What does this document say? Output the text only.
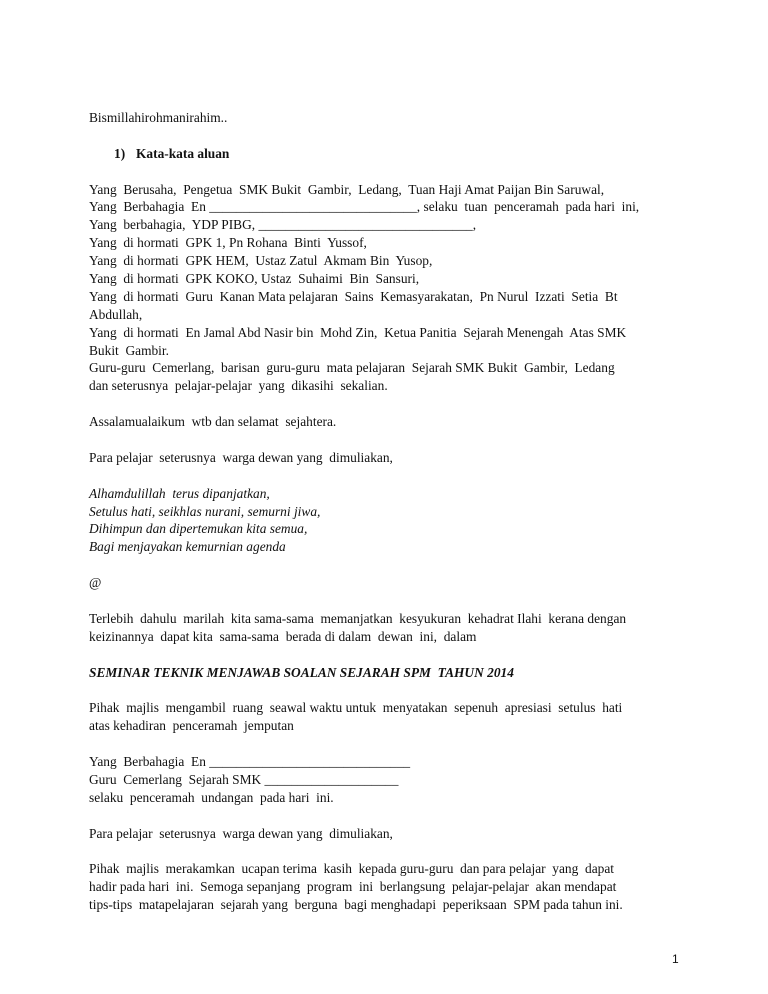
Bismillahirohmanirahim..
1) Kata-kata aluan
Yang  Berusaha,  Pengetua  SMK Bukit  Gambir,  Ledang,  Tuan Haji Amat Paijan Bin Saruwal,
Yang  Berbahagia  En _______________________________, selaku  tuan  penceramah  pada hari  ini,
Yang  berbahagia,  YDP PIBG, ________________________________,
Yang  di hormati  GPK 1, Pn Rohana  Binti  Yussof,
Yang  di hormati  GPK HEM,  Ustaz Zatul  Akmam Bin  Yusop,
Yang  di hormati  GPK KOKO, Ustaz  Suhaimi  Bin  Sansuri,
Yang  di hormati  Guru  Kanan Mata pelajaran  Sains  Kemasyarakatan,  Pn Nurul  Izzati  Setia  Bt
Abdullah,
Yang  di hormati  En Jamal Abd Nasir bin  Mohd Zin,  Ketua Panitia  Sejarah Menengah  Atas SMK
Bukit  Gambir.
Guru-guru  Cemerlang,  barisan  guru-guru  mata pelajaran  Sejarah SMK Bukit  Gambir,  Ledang
dan seterusnya  pelajar-pelajar  yang  dikasihi  sekalian.
Assalamualaikum  wtb dan selamat  sejahtera.
Para pelajar  seterusnya  warga dewan yang  dimuliakan,
Alhamdulillah  terus dipanjatkan,
Setulus hati, seikhlas nurani, semurni jiwa,
Dihimpun dan dipertemukan kita semua,
Bagi menjayakan kemurnian agenda
@
Terlebih  dahulu  marilah  kita sama-sama  memanjatkan  kesyukuran  kehadrat Ilahi  kerana dengan
keizinannya  dapat kita  sama-sama  berada di dalam  dewan  ini,  dalam
SEMINAR TEKNIK MENJAWAB SOALAN SEJARAH SPM  TAHUN 2014
Pihak  majlis  mengambil  ruang  seawal waktu untuk  menyatakan  sepenuh  apresiasi  setulus  hati
atas kehadiran  penceramah  jemputan
Yang  Berbahagia  En ______________________________
Guru  Cemerlang  Sejarah SMK ____________________
selaku  penceramah  undangan  pada hari  ini.
Para pelajar  seterusnya  warga dewan yang  dimuliakan,
Pihak  majlis  merakamkan  ucapan terima  kasih  kepada guru-guru  dan para pelajar  yang  dapat
hadir pada hari  ini.  Semoga sepanjang  program  ini  berlangsung  pelajar-pelajar  akan mendapat
tips-tips  matapelajaran  sejarah yang  berguna  bagi menghadapi  peperiksaan  SPM pada tahun ini.
1
